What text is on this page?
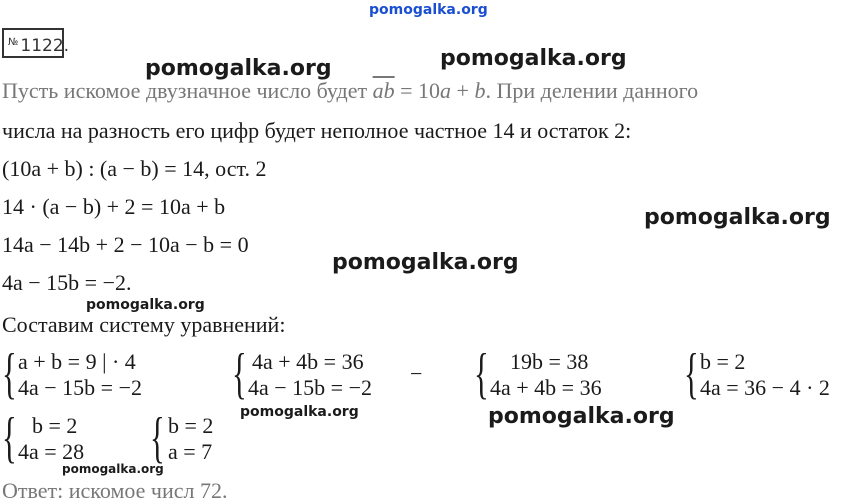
pomogalka.org
№ 1122.
Пусть искомое двузначное число будет $\overline{ab} = 10a + b$. При делении данного
числа на разность его цифр будет неполное частное 14 и остаток 2:
(10a + b) : (a − b) = 14, ост. 2
14 · (a − b) + 2 = 10a + b
14a − 14b + 2 − 10a − b = 0
4a − 15b = −2.
Составим систему уравнений:
{ a + b = 9 | · 4
4a − 15b = −2 { 4a + 4b = 36
4a − 15b = −2
− { 19b = 38
4a + 4b = 36 { b = 2
4a = 36 − 4 · 2
{ b = 2
4a = 28 { b = 2
a = 7
Ответ: искомое числ 72.
pomogalka.org	pomogalka.org
pomogalka.org
pomogalka.org
pomogalka.org
pomogalka.org	pomogalka.org
pomogalka.org
